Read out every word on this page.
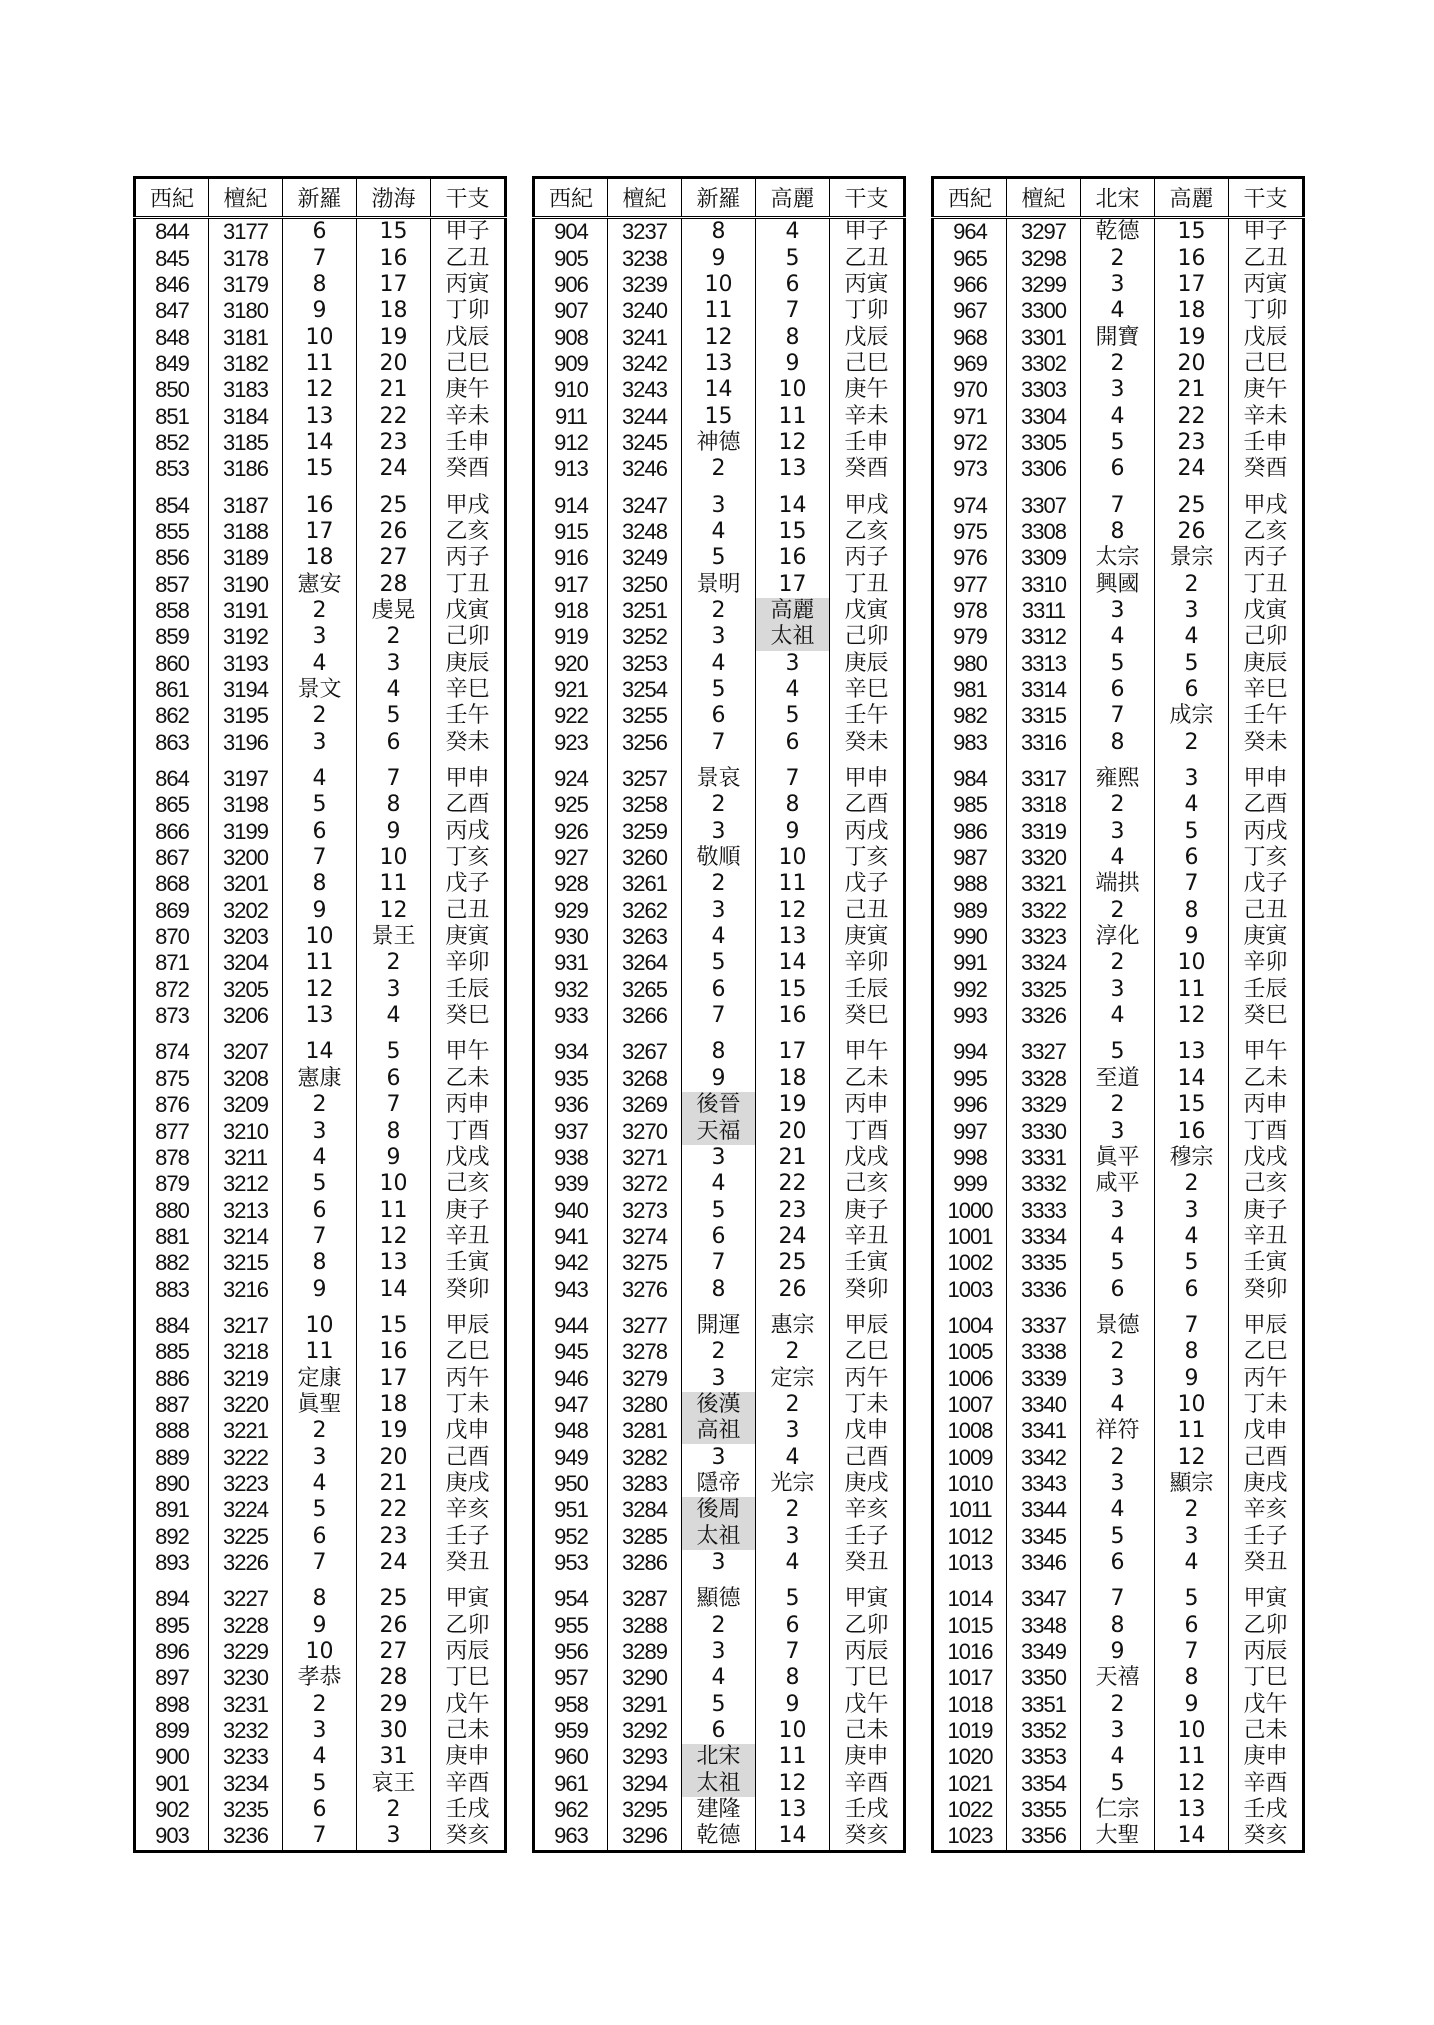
西紀	檀紀	新羅	渤海	干支
844	3177	6	15	甲子
845	3178	7	16	乙丑
846	3179	8	17	丙寅
847	3180	9	18	丁卯
848	3181	10	19	戊辰
849	3182	11	20	己巳
850	3183	12	21	庚午
851	3184	13	22	辛未
852	3185	14	23	壬申
853	3186	15	24	癸酉
854	3187	16	25	甲戌
855	3188	17	26	乙亥
856	3189	18	27	丙子
857	3190	憲安	28	丁丑
858	3191	2	虔晃	戊寅
859	3192	3	2	己卯
860	3193	4	3	庚辰
861	3194	景文	4	辛巳
862	3195	2	5	壬午
863	3196	3	6	癸未
864	3197	4	7	甲申
865	3198	5	8	乙酉
866	3199	6	9	丙戌
867	3200	7	10	丁亥
868	3201	8	11	戊子
869	3202	9	12	己丑
870	3203	10	景王	庚寅
871	3204	11	2	辛卯
872	3205	12	3	壬辰
873	3206	13	4	癸巳
874	3207	14	5	甲午
875	3208	憲康	6	乙未
876	3209	2	7	丙申
877	3210	3	8	丁酉
878	3211	4	9	戊戌
879	3212	5	10	己亥
880	3213	6	11	庚子
881	3214	7	12	辛丑
882	3215	8	13	壬寅
883	3216	9	14	癸卯
884	3217	10	15	甲辰
885	3218	11	16	乙巳
886	3219	定康	17	丙午
887	3220	眞聖	18	丁未
888	3221	2	19	戊申
889	3222	3	20	己酉
890	3223	4	21	庚戌
891	3224	5	22	辛亥
892	3225	6	23	壬子
893	3226	7	24	癸丑
894	3227	8	25	甲寅
895	3228	9	26	乙卯
896	3229	10	27	丙辰
897	3230	孝恭	28	丁巳
898	3231	2	29	戊午
899	3232	3	30	己未
900	3233	4	31	庚申
901	3234	5	哀王	辛酉
902	3235	6	2	壬戌
903	3236	7	3	癸亥
西紀	檀紀	新羅	高麗	干支
904	3237	8	4	甲子
905	3238	9	5	乙丑
906	3239	10	6	丙寅
907	3240	11	7	丁卯
908	3241	12	8	戊辰
909	3242	13	9	己巳
910	3243	14	10	庚午
911	3244	15	11	辛未
912	3245	神德	12	壬申
913	3246	2	13	癸酉
914	3247	3	14	甲戌
915	3248	4	15	乙亥
916	3249	5	16	丙子
917	3250	景明	17	丁丑
918	3251	2	高麗	戊寅
919	3252	3	太祖	己卯
920	3253	4	3	庚辰
921	3254	5	4	辛巳
922	3255	6	5	壬午
923	3256	7	6	癸未
924	3257	景哀	7	甲申
925	3258	2	8	乙酉
926	3259	3	9	丙戌
927	3260	敬順	10	丁亥
928	3261	2	11	戊子
929	3262	3	12	己丑
930	3263	4	13	庚寅
931	3264	5	14	辛卯
932	3265	6	15	壬辰
933	3266	7	16	癸巳
934	3267	8	17	甲午
935	3268	9	18	乙未
936	3269	後晉	19	丙申
937	3270	天福	20	丁酉
938	3271	3	21	戊戌
939	3272	4	22	己亥
940	3273	5	23	庚子
941	3274	6	24	辛丑
942	3275	7	25	壬寅
943	3276	8	26	癸卯
944	3277	開運	惠宗	甲辰
945	3278	2	2	乙巳
946	3279	3	定宗	丙午
947	3280	後漢	2	丁未
948	3281	高祖	3	戊申
949	3282	3	4	己酉
950	3283	隱帝	光宗	庚戌
951	3284	後周	2	辛亥
952	3285	太祖	3	壬子
953	3286	3	4	癸丑
954	3287	顯德	5	甲寅
955	3288	2	6	乙卯
956	3289	3	7	丙辰
957	3290	4	8	丁巳
958	3291	5	9	戊午
959	3292	6	10	己未
960	3293	北宋	11	庚申
961	3294	太祖	12	辛酉
962	3295	建隆	13	壬戌
963	3296	乾德	14	癸亥
西紀	檀紀	北宋	高麗	干支
964	3297	乾德	15	甲子
965	3298	2	16	乙丑
966	3299	3	17	丙寅
967	3300	4	18	丁卯
968	3301	開寶	19	戊辰
969	3302	2	20	己巳
970	3303	3	21	庚午
971	3304	4	22	辛未
972	3305	5	23	壬申
973	3306	6	24	癸酉
974	3307	7	25	甲戌
975	3308	8	26	乙亥
976	3309	太宗	景宗	丙子
977	3310	興國	2	丁丑
978	3311	3	3	戊寅
979	3312	4	4	己卯
980	3313	5	5	庚辰
981	3314	6	6	辛巳
982	3315	7	成宗	壬午
983	3316	8	2	癸未
984	3317	雍熙	3	甲申
985	3318	2	4	乙酉
986	3319	3	5	丙戌
987	3320	4	6	丁亥
988	3321	端拱	7	戊子
989	3322	2	8	己丑
990	3323	淳化	9	庚寅
991	3324	2	10	辛卯
992	3325	3	11	壬辰
993	3326	4	12	癸巳
994	3327	5	13	甲午
995	3328	至道	14	乙未
996	3329	2	15	丙申
997	3330	3	16	丁酉
998	3331	眞平	穆宗	戊戌
999	3332	咸平	2	己亥
1000	3333	3	3	庚子
1001	3334	4	4	辛丑
1002	3335	5	5	壬寅
1003	3336	6	6	癸卯
1004	3337	景德	7	甲辰
1005	3338	2	8	乙巳
1006	3339	3	9	丙午
1007	3340	4	10	丁未
1008	3341	祥符	11	戊申
1009	3342	2	12	己酉
1010	3343	3	顯宗	庚戌
1011	3344	4	2	辛亥
1012	3345	5	3	壬子
1013	3346	6	4	癸丑
1014	3347	7	5	甲寅
1015	3348	8	6	乙卯
1016	3349	9	7	丙辰
1017	3350	天禧	8	丁巳
1018	3351	2	9	戊午
1019	3352	3	10	己未
1020	3353	4	11	庚申
1021	3354	5	12	辛酉
1022	3355	仁宗	13	壬戌
1023	3356	大聖	14	癸亥
